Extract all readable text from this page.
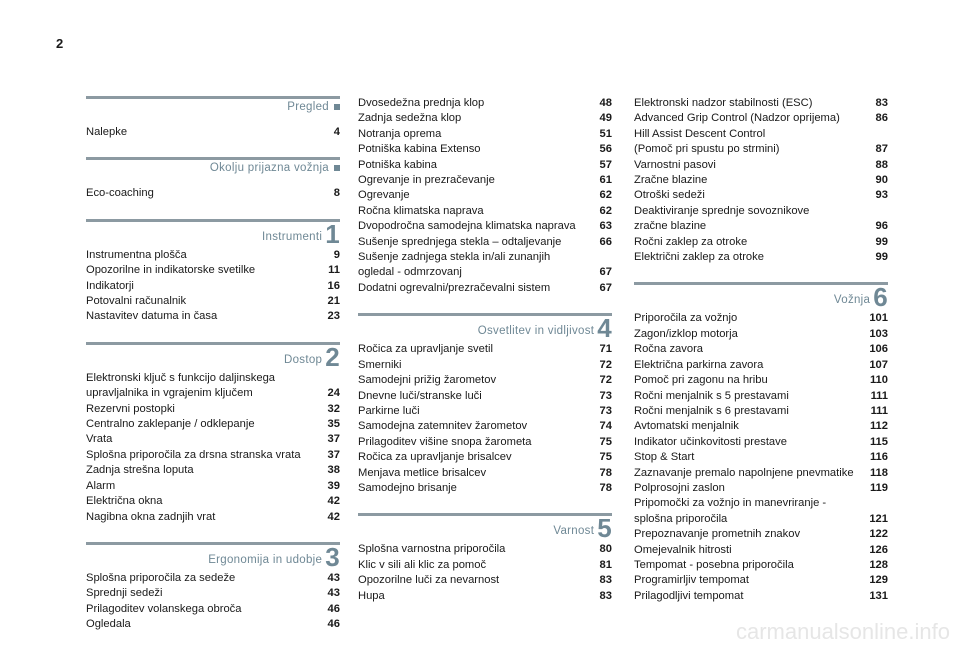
2
Pregled
Nalepke	4
Okolju prijazna vožnja
Eco-coaching	8
Instrumenti 1
Instrumentna plošča	9
Opozorilne in indikatorske svetilke	11
Indikatorji	16
Potovalni računalnik	21
Nastavitev datuma in časa	23
Dostop 2
Elektronski ključ s funkcijo daljinskega
upravljalnika in vgrajenim ključem	24
Rezervni postopki	32
Centralno zaklepanje / odklepanje	35
Vrata	37
Splošna priporočila za drsna stranska vrata	37
Zadnja strešna loputa	38
Alarm	39
Električna okna	42
Nagibna okna zadnjih vrat	42
Ergonomija in udobje 3
Splošna priporočila za sedeže	43
Sprednji sedeži	43
Prilagoditev volanskega obroča	46
Ogledala	46
Dvosedežna prednja klop	48
Zadnja sedežna klop	49
Notranja oprema	51
Potniška kabina Extenso	56
Potniška kabina	57
Ogrevanje in prezračevanje	61
Ogrevanje	62
Ročna klimatska naprava	62
Dvopodročna samodejna klimatska naprava	63
Sušenje sprednjega stekla – odtaljevanje	66
Sušenje zadnjega stekla in/ali zunanjih
ogledal - odmrzovanj	67
Dodatni ogrevalni/prezračevalni sistem	67
Osvetlitev in vidljivost 4
Ročica za upravljanje svetil	71
Smerniki	72
Samodejni prižig žarometov	72
Dnevne luči/stranske luči	73
Parkirne luči	73
Samodejna zatemnitev žarometov	74
Prilagoditev višine snopa žarometa	75
Ročica za upravljanje brisalcev	75
Menjava metlice brisalcev	78
Samodejno brisanje	78
Varnost 5
Splošna varnostna priporočila	80
Klic v sili ali klic za pomoč	81
Opozorilne luči za nevarnost	83
Hupa	83
Elektronski nadzor stabilnosti (ESC)	83
Advanced Grip Control (Nadzor oprijema)	86
Hill Assist Descent Control
(Pomoč pri spustu po strmini)	87
Varnostni pasovi	88
Zračne blazine	90
Otroški sedeži	93
Deaktiviranje sprednje sovoznikove
zračne blazine	96
Ročni zaklep za otroke	99
Električni zaklep za otroke	99
Vožnja 6
Priporočila za vožnjo	101
Zagon/izklop motorja	103
Ročna zavora	106
Električna parkirna zavora	107
Pomoč pri zagonu na hribu	110
Ročni menjalnik s 5 prestavami	111
Ročni menjalnik s 6 prestavami	111
Avtomatski menjalnik	112
Indikator učinkovitosti prestave	115
Stop & Start	116
Zaznavanje premalo napolnjene pnevmatike	118
Polprosojni zaslon	119
Pripomočki za vožnjo in manevriranje -
splošna priporočila	121
Prepoznavanje prometnih znakov	122
Omejevalnik hitrosti	126
Tempomat - posebna priporočila	128
Programirljiv tempomat	129
Prilagodljivi tempomat	131
carmanualsonline.info
